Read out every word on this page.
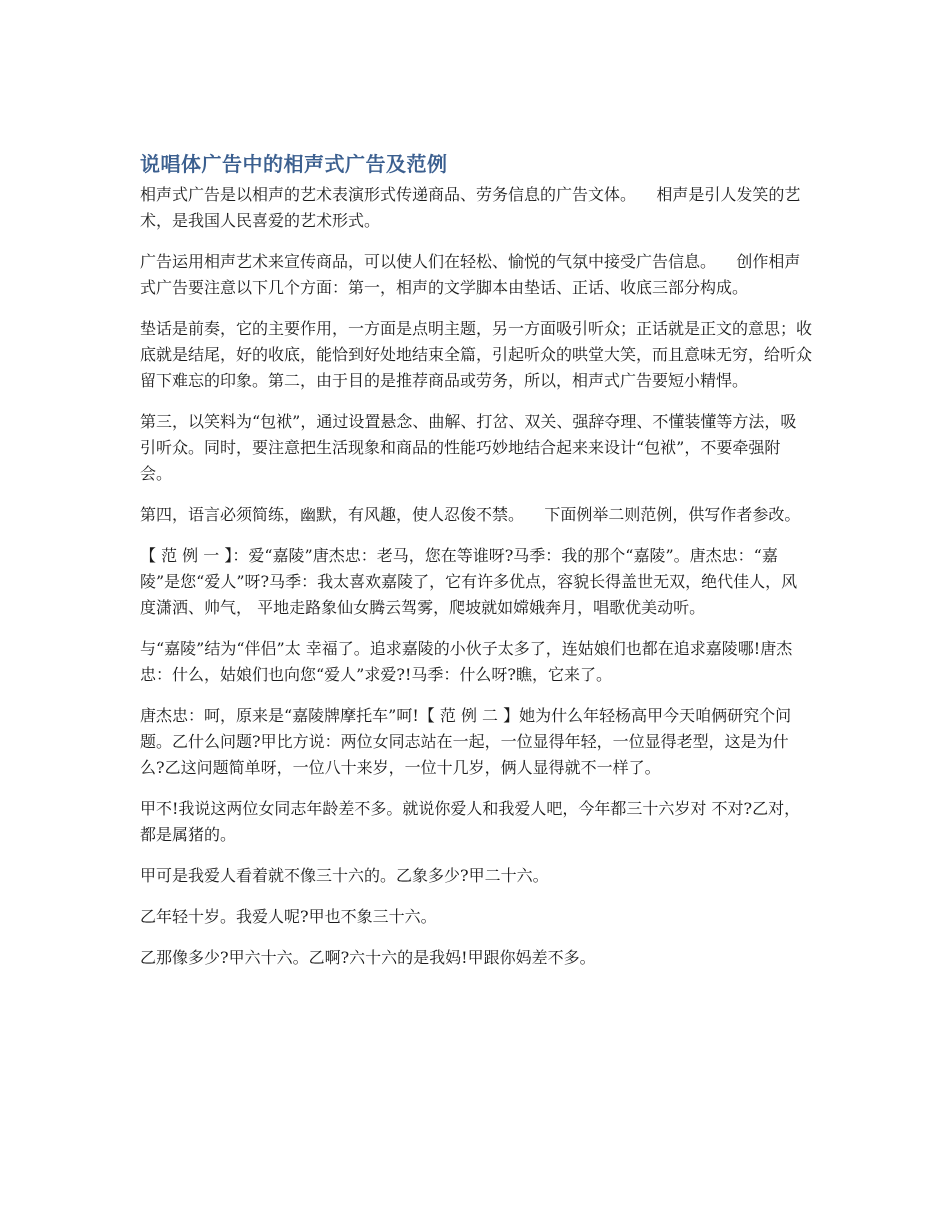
说唱体广告中的相声式广告及范例

相声式广告是以相声的艺术表演形式传递商品、劳务信息的广告文体。    相声是引人发笑的艺术，是我国人民喜爱的艺术形式。

广告运用相声艺术来宣传商品，可以使人们在轻松、愉悦的气氛中接受广告信息。    创作相声式广告要注意以下几个方面：第一，相声的文学脚本由垫话、正话、收底三部分构成。

垫话是前奏，它的主要作用，一方面是点明主题，另一方面吸引听众；正话就是正文的意思；收底就是结尾，好的收底，能恰到好处地结束全篇，引起听众的哄堂大笑，而且意味无穷，给听众留下难忘的印象。第二，由于目的是推荐商品或劳务，所以，相声式广告要短小精悍。

第三，以笑料为“包袱”，通过设置悬念、曲解、打岔、双关、强辞夺理、不懂装懂等方法，吸引听众。同时，要注意把生活现象和商品的性能巧妙地结合起来来设计“包袱”，不要牵强附会。

第四，语言必须简练，幽默，有风趣，使人忍俊不禁。    下面例举二则范例，供写作者参改。

【 范 例 一 】：爱“嘉陵”唐杰忠：老马，您在等谁呀?马季：我的那个“嘉陵”。唐杰忠：“嘉陵”是您“爱人”呀?马季：我太喜欢嘉陵了，它有许多优点，容貌长得盖世无双，绝代佳人，风度潇洒、帅气， 平地走路象仙女腾云驾雾，爬坡就如嫦娥奔月，唱歌优美动听。

与“嘉陵”结为“伴侣”太 幸福了。追求嘉陵的小伙子太多了，连姑娘们也都在追求嘉陵哪!唐杰忠：什么，姑娘们也向您“爱人”求爱?!马季：什么呀?瞧，它来了。

唐杰忠：呵，原来是“嘉陵牌摩托车”呵!【 范 例 二 】她为什么年轻杨高甲今天咱俩研究个问题。乙什么问题?甲比方说：两位女同志站在一起，一位显得年轻，一位显得老型，这是为什么?乙这问题简单呀，一位八十来岁，一位十几岁，俩人显得就不一样了。

甲不!我说这两位女同志年龄差不多。就说你爱人和我爱人吧，今年都三十六岁对 不对?乙对，都是属猪的。

甲可是我爱人看着就不像三十六的。乙象多少?甲二十六。

乙年轻十岁。我爱人呢?甲也不象三十六。

乙那像多少?甲六十六。乙啊?六十六的是我妈!甲跟你妈差不多。
